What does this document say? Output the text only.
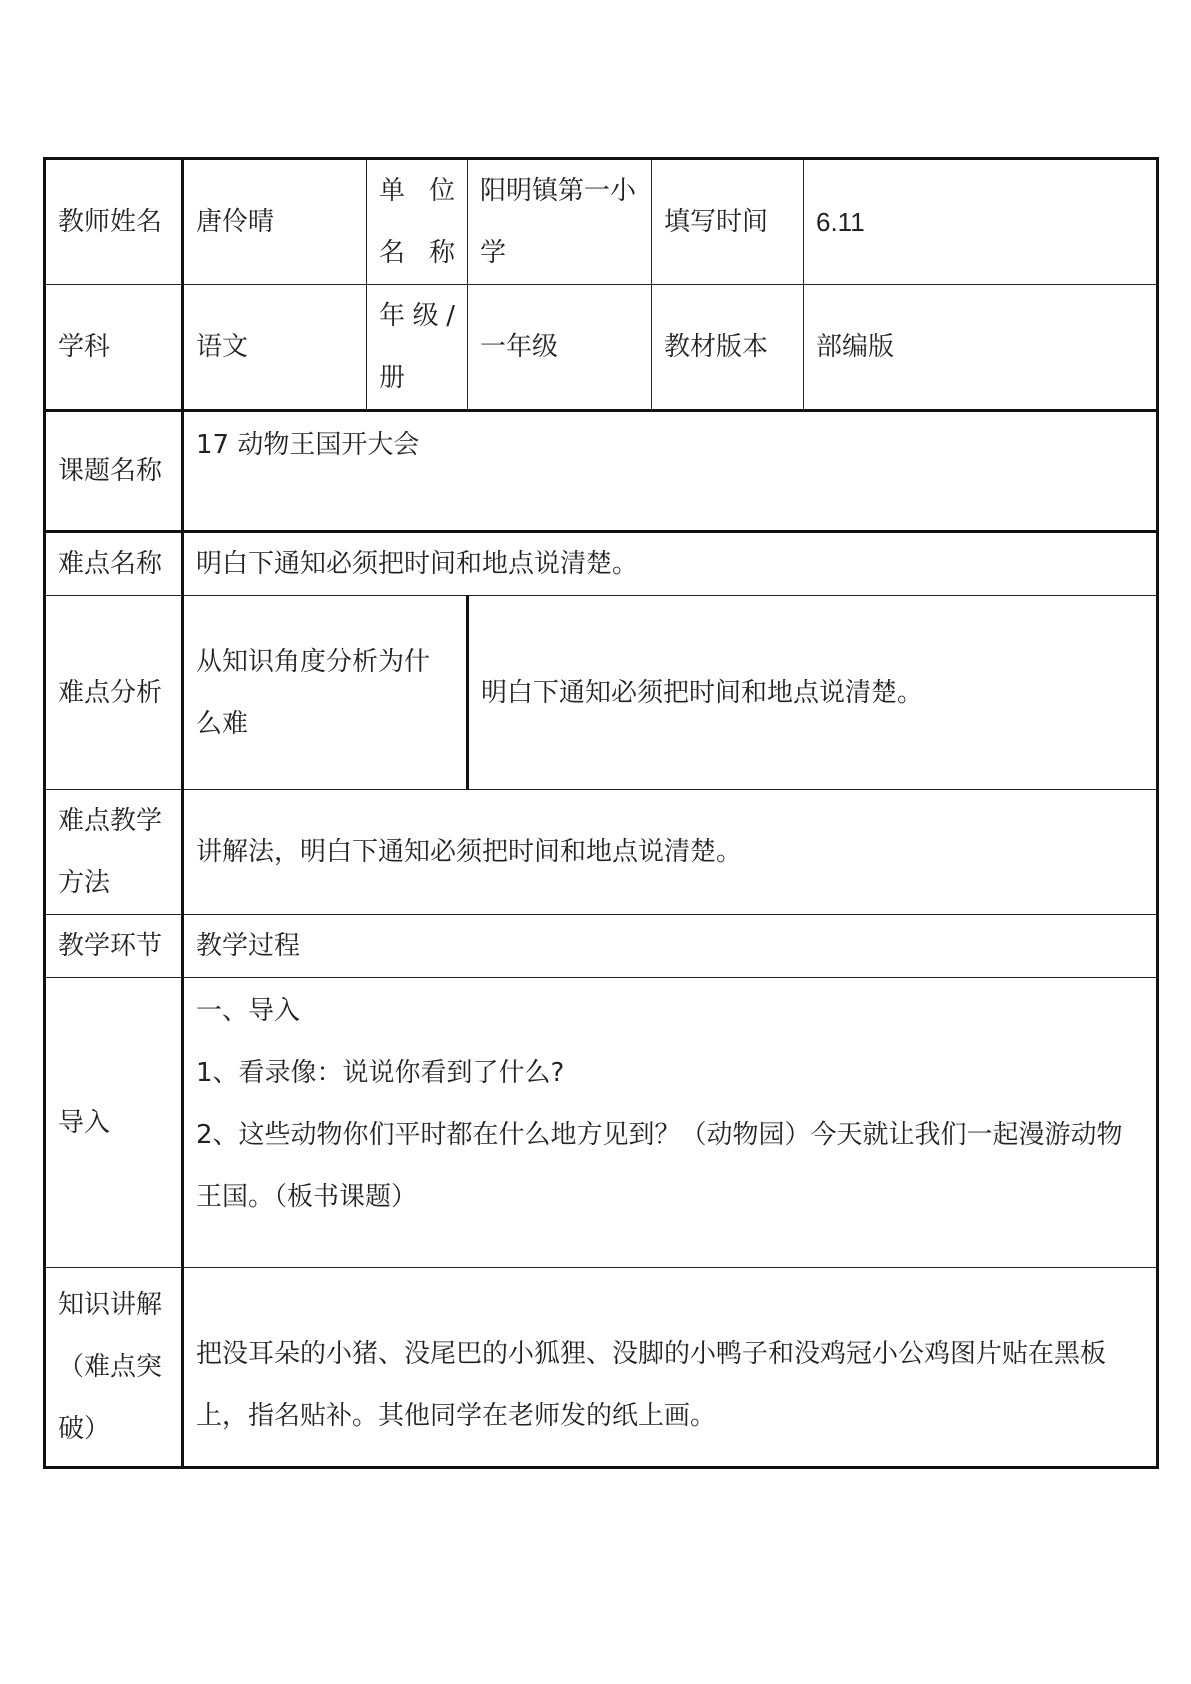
教师姓名	唐伶晴	单位名称	阳明镇第一小学	填写时间	6.11
学科	语文	年级/册	一年级	教材版本	部编版
课题名称	17 动物王国开大会				
难点名称	明白下通知必须把时间和地点说清楚。				
难点分析	从知识角度分析为什么难		明白下通知必须把时间和地点说清楚。		
难点教学方法	讲解法，明白下通知必须把时间和地点说清楚。				
教学环节	教学过程				
导入	一、导入

1、看录像：说说你看到了什么?

2、这些动物你们平时都在什么地方见到？（动物园）今天就让我们一起漫游动物王国。（板书课题）				

知识讲解（难点突破）	把没耳朵的小猪、没尾巴的小狐狸、没脚的小鸭子和没鸡冠小公鸡图片贴在黑板上，指名贴补。其他同学在老师发的纸上画。				
